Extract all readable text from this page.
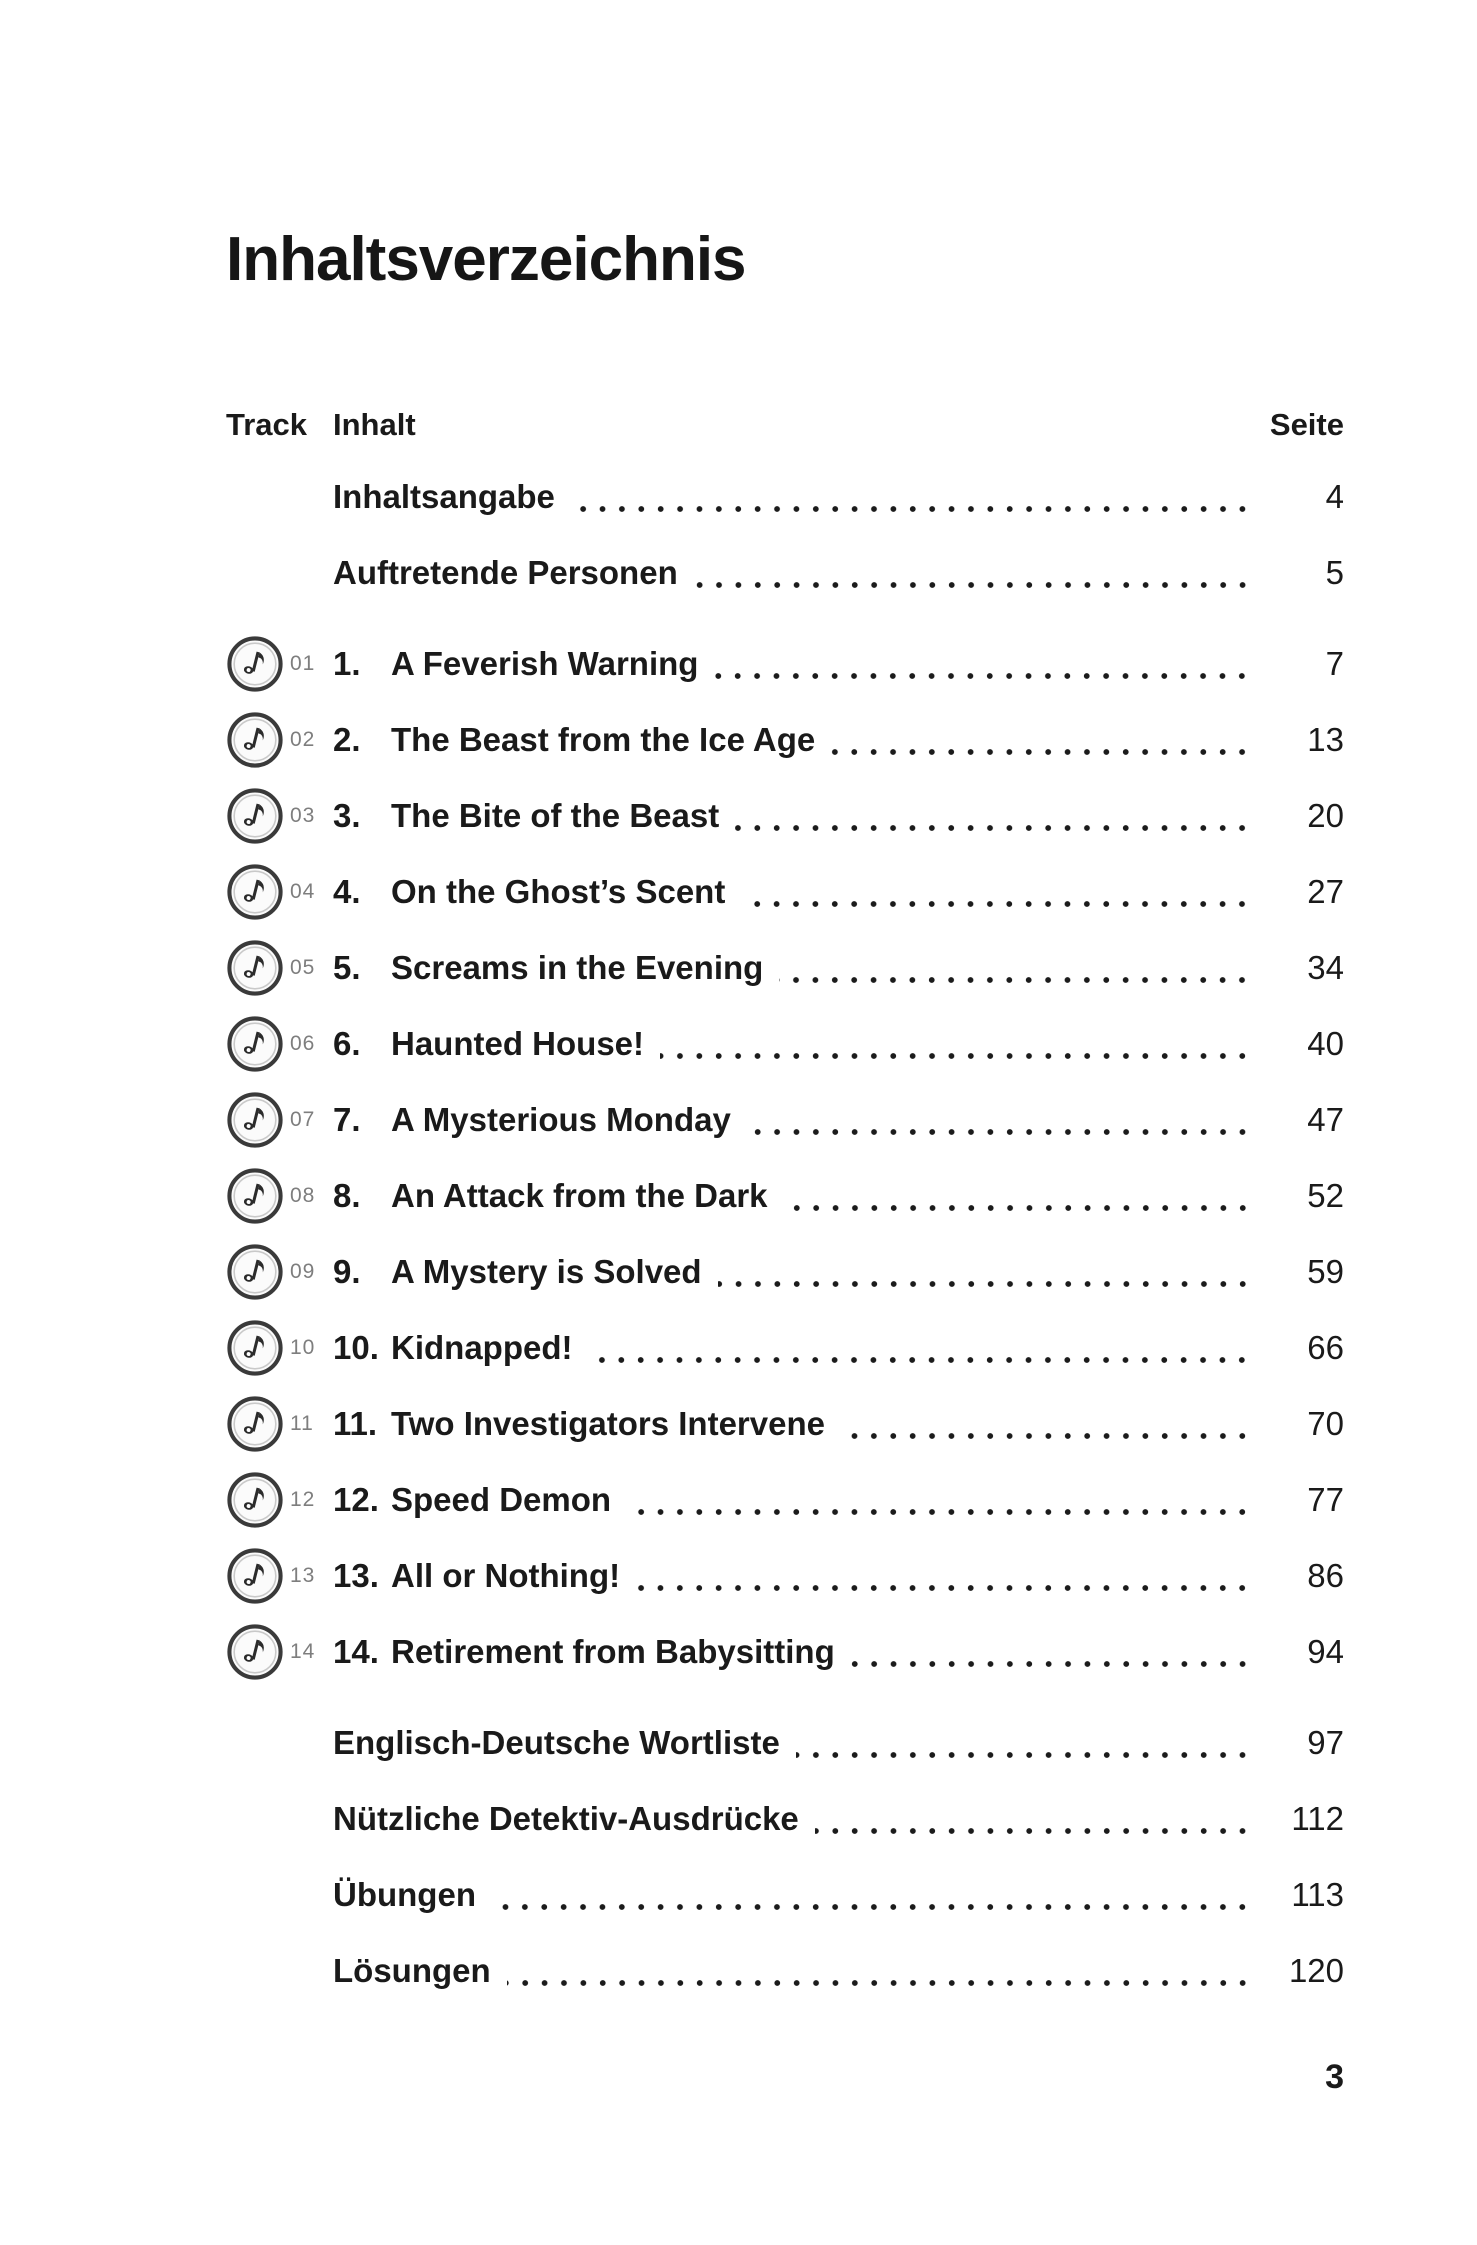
Inhaltsverzeichnis
Track Inhalt	Seite
Inhaltsangabe	4
Auftretende Personen	5
01 1. A Feverish Warning	7
02 2. The Beast from the Ice Age	13
03 3. The Bite of the Beast	20
04 4. On the Ghost’s Scent	27
05 5. Screams in the Evening	34
06 6. Haunted House!	40
07 7. A Mysterious Monday	47
08 8. An Attack from the Dark	52
09 9. A Mystery is Solved	59
10 10. Kidnapped!	66
11 11. Two Investigators Intervene	70
12 12. Speed Demon	77
13 13. All or Nothing!	86
14 14. Retirement from Babysitting	94
Englisch-Deutsche Wortliste	97
Nützliche Detektiv-Ausdrücke	112
Übungen	113
Lösungen	120
3
